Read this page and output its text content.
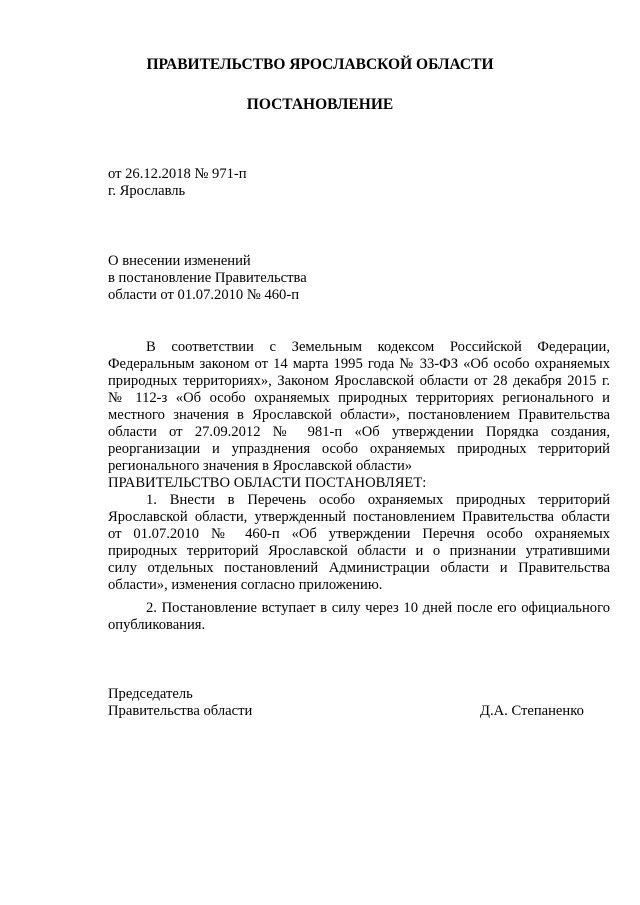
ПРАВИТЕЛЬСТВО ЯРОСЛАВСКОЙ ОБЛАСТИ
ПОСТАНОВЛЕНИЕ
от 26.12.2018 № 971-п
г. Ярославль
О внесении изменений
в постановление Правительства
области от 01.07.2010 № 460-п
В соответствии с Земельным кодексом Российской Федерации,
Федеральным законом от 14 марта 1995 года № 33-ФЗ «Об особо охраняемых
природных территориях», Законом Ярославской области от 28 декабря 2015 г.
№ 112-з «Об особо охраняемых природных территориях регионального и
местного значения в Ярославской области», постановлением Правительства
области от 27.09.2012 № 981-п «Об утверждении Порядка создания,
реорганизации и упразднения особо охраняемых природных территорий
регионального значения в Ярославской области»
ПРАВИТЕЛЬСТВО ОБЛАСТИ ПОСТАНОВЛЯЕТ:
1. Внести в Перечень особо охраняемых природных территорий
Ярославской области, утвержденный постановлением Правительства области
от 01.07.2010 № 460-п «Об утверждении Перечня особо охраняемых
природных территорий Ярославской области и о признании утратившими
силу отдельных постановлений Администрации области и Правительства
области», изменения согласно приложению.
2. Постановление вступает в силу через 10 дней после его официального
опубликования.
Председатель
Правительства области	Д.А. Степаненко
